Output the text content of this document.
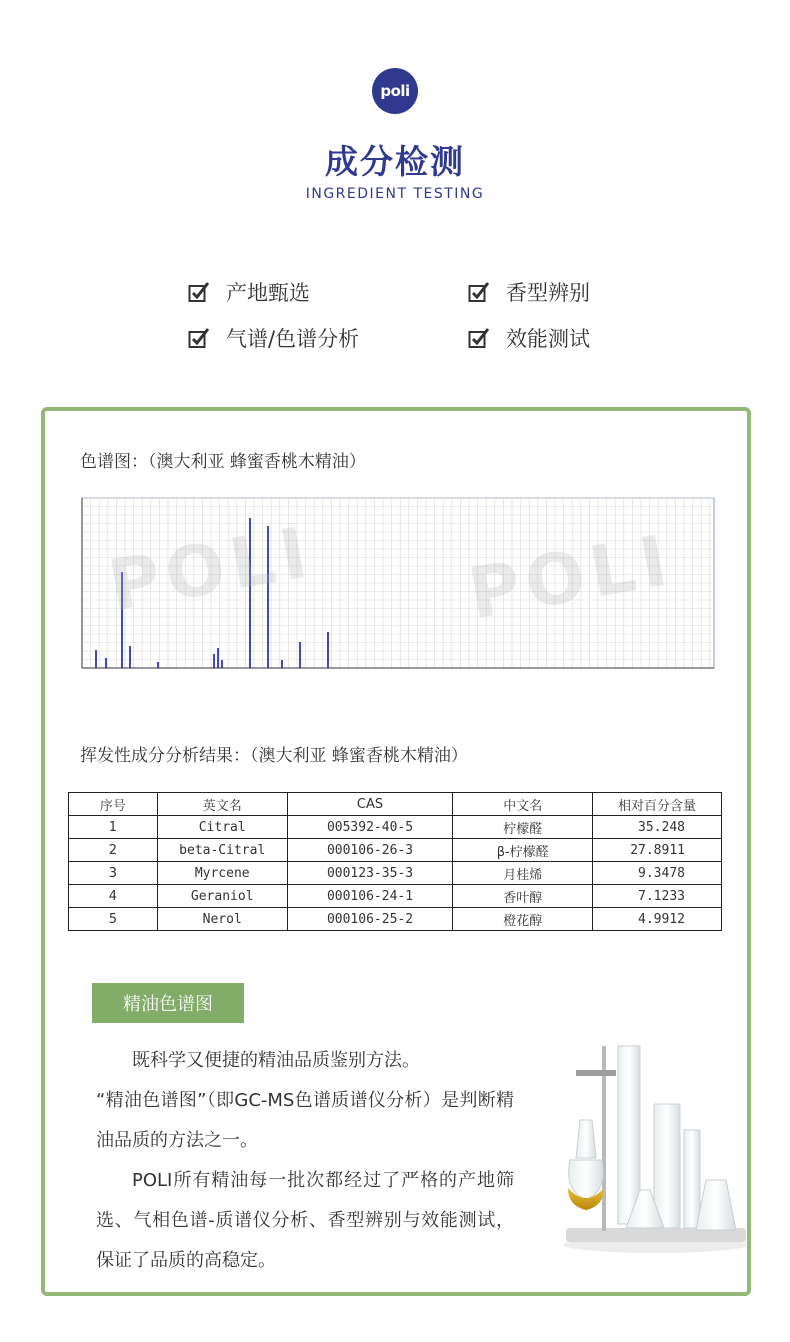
poli
成分检测
INGREDIENT TESTING
产地甄选	香型辨别
气谱/色谱分析	效能测试
色谱图：（澳大利亚 蜂蜜香桃木精油）
POLI POLI
挥发性成分分析结果：（澳大利亚 蜂蜜香桃木精油）
序号	英文名	CAS	中文名	相对百分含量
1	Citral	005392-40-5	柠檬醛	35.248
2	beta-Citral	000106-26-3	β-柠檬醛	27.8911
3	Myrcene	000123-35-3	月桂烯	9.3478
4	Geraniol	000106-24-1	香叶醇	7.1233
5	Nerol	000106-25-2	橙花醇	4.9912
精油色谱图

既科学又便捷的精油品质鉴别方法。

“精油色谱图”（即GC-MS色谱质谱仪分析）是判断精油品质的方法之一。

POLI所有精油每一批次都经过了严格的产地筛选、气相色谱-质谱仪分析、香型辨别与效能测试，保证了品质的高稳定。
